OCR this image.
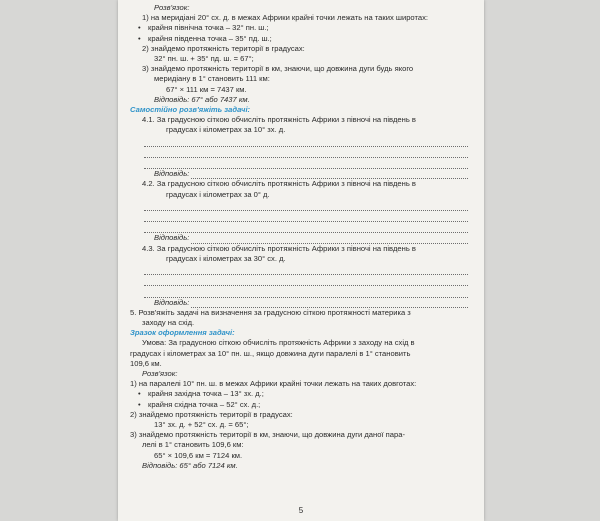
Розв'язок:
1) на меридіані 20° сх. д. в межах Африки крайні точки лежать на таких широтах:
• крайня північна точка – 32° пн. ш.;
• крайня південна точка – 35° пд. ш.;
2) знайдемо протяжність території в градусах:
32° пн. ш. + 35° пд. ш. = 67°;
3) знайдемо протяжність території в км, знаючи, що довжина дуги будь якого
меридіану в 1° становить 111 км:
67° × 111 км = 7437 км.
Відповідь: 67° або 7437 км.
Самостійно розв'яжіть задачі:
4.1. За градусною сіткою обчисліть протяжність Африки з півночі на південь в
градусах і кілометрах за 10° зх. д.
Відповідь:
4.2. За градусною сіткою обчисліть протяжність Африки з півночі на південь в
градусах і кілометрах за 0° д.
Відповідь:
4.3. За градусною сіткою обчисліть протяжність Африки з півночі на південь в
градусах і кілометрах за 30° сх. д.
Відповідь:
5. Розв'яжіть задачі на визначення за градусною сіткою протяжності материка з
заходу на схід.
Зразок оформлення задачі:
Умова: За градусною сіткою обчисліть протяжність Африки з заходу на схід в
градусах і кілометрах за 10° пн. ш., якщо довжина дуги паралелі в 1° становить
109,6 км.
Розв'язок:
1) на паралелі 10° пн. ш. в межах Африки крайні точки лежать на таких довготах:
• крайня західна точка – 13° зх. д.;
• крайня східна точка – 52° сх. д.;
2) знайдемо протяжність території в градусах:
13° зх. д. + 52° сх. д. = 65°;
3) знайдемо протяжність території в км, знаючи, що довжина дуги даної пара-
лелі в 1° становить 109,6 км:
65° × 109,6 км = 7124 км.
Відповідь: 65° або 7124 км.
5
